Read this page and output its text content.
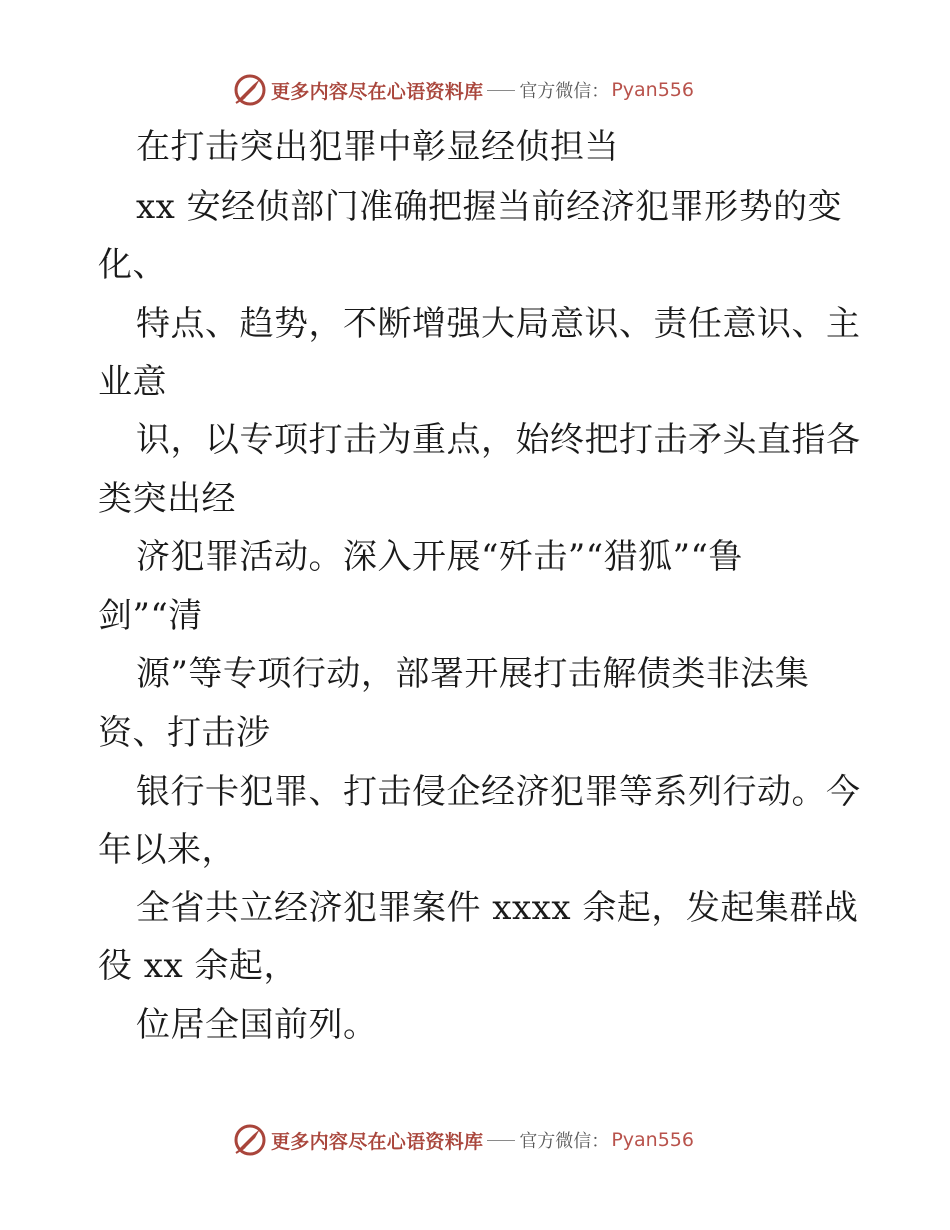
更多内容尽在心语资料库 官方微信： Pyan556
在打击突出犯罪中彰显经侦担当
xx 安经侦部门准确把握当前经济犯罪形势的变
化、
特点、趋势，不断增强大局意识、责任意识、主
业意
识，以专项打击为重点，始终把打击矛头直指各
类突出经
济犯罪活动。深入开展“歼击”“猎狐”“鲁
剑”“清
源”等专项行动，部署开展打击解债类非法集
资、打击涉
银行卡犯罪、打击侵企经济犯罪等系列行动。今
年以来，
全省共立经济犯罪案件 xxxx 余起，发起集群战
役 xx 余起，
位居全国前列。
更多内容尽在心语资料库 官方微信： Pyan556
